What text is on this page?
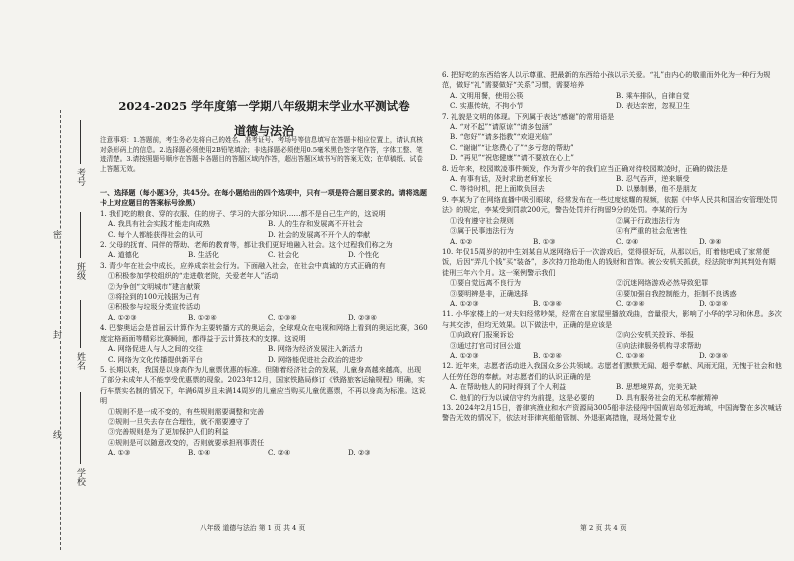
密
封
线
考号
班级
姓名
学校
2024-2025 学年度第一学期八年级期末学业水平测试卷
道德与法治
注意事项：1.答题前，考生务必先将自己的姓名、准考证号、考场号等信息填写在答题卡相应位置上，请认真核对条形码上的信息。2.选择题必须使用2B铅笔填涂；非选择题必须使用0.5毫米黑色签字笔作答，字体工整、笔迹清楚。3.请按照题号顺序在答题卡各题目的答题区域内作答，超出答题区域书写的答案无效；在草稿纸、试卷上答题无效。
一、选择题（每小题3分，共45分。在每小题给出的四个选项中，只有一项是符合题目要求的。请将选题卡上对应题目的答案标号涂黑）
1. 我们吃的粮食、穿的衣服、住的房子、学习的大部分知识……都不是自己生产的，这说明
A. 我具有社会实践才能走向成熟	B. 人的生存和发展离不开社会
C. 每个人都能获得社会的认可	D. 社会的发展离不开个人的奉献
2. 父母的抚育、同伴的帮助、老师的教育等，都让我们更好地融入社会。这个过程我们称之为
A. 道德化	B. 生活化	C. 社会化	D. 个性化
3. 青少年在社会中成长，应养成亲社会行为。下面融入社会，在社会中真诚的方式正确的有
①积极参加学校组织的“走进敬老院，关爱老年人”活动
②为争创“文明城市”建言献策
③将捡到的100元钱据为己有
④积极参与垃圾分类宣传活动
A. ①②③	B. ①②④	C. ①③④	D. ②③④
4. 巴黎奥运会是首届云计算作为主要转播方式的奥运会，全球观众在电视和网络上看到的奥运比赛，360度定格画面等精彩比赛瞬间，都得益于云计算技术的支撑。这说明
A. 网络促进人与人之间的交往	B. 网络为经济发展注入新活力
C. 网络为文化传播提供新平台	D. 网络能促进社会政治的进步
5. 长期以来，我国是以身高作为儿童票优惠的标准。但随着经济社会的发展，儿童身高越来越高，出现了部分未成年人不能享受优惠票的现象。2023年12月，国家铁路局修订《铁路旅客运输规程》明确，实行车票实名制的情况下，年满6周岁且未满14周岁的儿童应当购买儿童优惠票，不再以身高为标准。这说明
①规则不是一成不变的，有些规则需要调整和完善
②规则一旦失去存在合理性，就不需要遵守了
③完善规则是为了更加保护人们的利益
④规则是可以随意改变的，否则就要承担刑事责任
A. ①③	B. ①④	C. ②④	D. ②③
6. 把好吃的东西给客人以示尊重、把最新的东西给小孩以示关爱。“礼”由内心的敬重而外化为一种行为规范，做好“礼”需要做好“关系”习惯，需要培养
A. 文明用餐，使用公筷	B. 乘车排队，自律自觉
C. 实惠传统，不拘小节	D. 表达亲密，忽视卫生
7. 礼貌是文明的体现。下列属于表达“感谢”的常用语是
A. “对不起”“请原谅”“请多包涵”
B. “您好”“请多指教”“欢迎光临”
C. “谢谢”“让您费心了”“多亏您的帮助”
D. “再见”“祝您健康”“请不要放在心上”
8. 近年来，校园欺凌事件频发，作为青少年的我们应当正确对待校园欺凌时，正确的做法是
A. 有事有话，及时求助老师家长	B. 忍气吞声，逆来顺受
C. 等待时机，把上面欺负回去	D. 以暴制暴，他不是朋友
9. 李某为了在网络直播中吸引眼球，经常发布在一些过度炫耀的视频，依据《中华人民共和国治安管理处罚法》的规定，李某受到罚款200元，警告处罚并行拘留9分的处罚。李某的行为
①没有遵守社会规则	②属于行政违法行为
③属于民事违法行为	④有严重的社会危害性
A. ①②	B. ①③	C. ②④	D. ③④
10. 年仅15周岁的初中生刘某自从迷网络后于一次游戏后，觉得很好玩，从那以后，盯着他吧成了家常便饭，后因“弄几个钱”买“装备”，多次持刀抢劫他人的钱财和首饰。被公安机关抓获，经法院审判其判处有期徒刑三年六个月。这一案例警示我们
①要自觉远离不良行为	②沉迷网络游戏必然导致犯罪
③要明辨是非，正确选择	④要加强自我控制能力，拒制不良诱惑
A. ①②③	B. ①③④	C. ②③④	D. ①②④
11. 小华家楼上的一对夫妇经常吵架，经常在自家屋里播放戏曲，音量很大，影响了小华的学习和休息。多次与其交涉，但均无效果。以下做法中，正确的是应该是
①向政府门报案诉讼	②向公安机关投诉、举报
③通过打官司讨回公道	④向法律服务机构寻求帮助
A. ①②③	B. ①②④	C. ①③④	D. ②③④
12. 近年来，志愿者活动进入我国众多公共领域。志愿者们默默无闻、超乎奉献、风雨无阻，无愧于社会和他人任劳任怨的奉献。对志愿者们的认识正确的是
A. 在帮助他人的同时得到了个人利益	B. 思想境界高，完美无缺
C. 他们的行为以诚信守约为前提，这是必要的	D. 具有服务社会的无私奉献精神
13. 2024年2月15日，普律宾渔业和水产资源局3005船非法侵闯中国黄岩岛邻近海域，中国海警在多次喊话警告无效的情况下，依法对菲律宾船舶管制、外退驱离措施，现场处置专业
八年级 道德与法治 第 1 页 共 4 页	第 2 页 共 4 页
